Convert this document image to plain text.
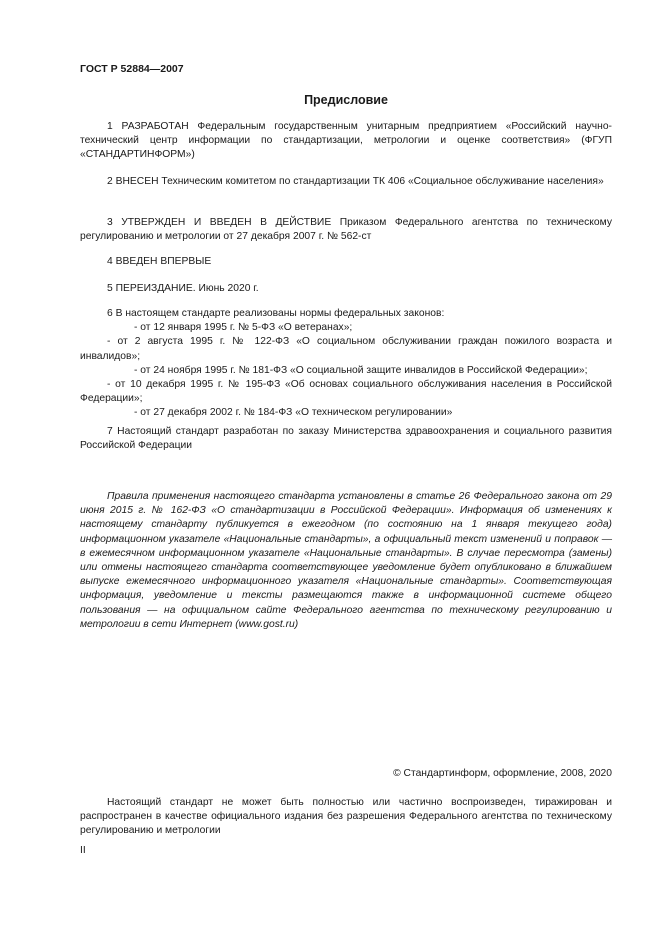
ГОСТ Р 52884—2007
Предисловие

1 РАЗРАБОТАН Федеральным государственным унитарным предприятием «Российский научно-технический центр информации по стандартизации, метрологии и оценке соответствия» (ФГУП «СТАНДАРТИНФОРМ»)

2 ВНЕСЕН Техническим комитетом по стандартизации ТК 406 «Социальное обслуживание населения»

3 УТВЕРЖДЕН И ВВЕДЕН В ДЕЙСТВИЕ Приказом Федерального агентства по техническому регулированию и метрологии от 27 декабря 2007 г. № 562-ст

4 ВВЕДЕН ВПЕРВЫЕ

5 ПЕРЕИЗДАНИЕ. Июнь 2020 г.

6 В настоящем стандарте реализованы нормы федеральных законов:

- от 12 января 1995 г. № 5-ФЗ «О ветеранах»;

- от 2 августа 1995 г. № 122-ФЗ «О социальном обслуживании граждан пожилого возраста и инвалидов»;

- от 24 ноября 1995 г. № 181-ФЗ «О социальной защите инвалидов в Российской Федерации»;

- от 10 декабря 1995 г. № 195-ФЗ «Об основах социального обслуживания населения в Российской Федерации»;

- от 27 декабря 2002 г. № 184-ФЗ «О техническом регулировании»

7 Настоящий стандарт разработан по заказу Министерства здравоохранения и социального развития Российской Федерации

Правила применения настоящего стандарта установлены в статье 26 Федерального закона от 29 июня 2015 г. № 162-ФЗ «О стандартизации в Российской Федерации». Информация об изменениях к настоящему стандарту публикуется в ежегодном (по состоянию на 1 января текущего года) информационном указателе «Национальные стандарты», а официальный текст изменений и поправок — в ежемесячном информационном указателе «Национальные стандарты». В случае пересмотра (замены) или отмены настоящего стандарта соответствующее уведомление будет опубликовано в ближайшем выпуске ежемесячного информационного указателя «Национальные стандарты». Соответствующая информация, уведомление и тексты размещаются также в информационной системе общего пользования — на официальном сайте Федерального агентства по техническому регулированию и метрологии в сети Интернет (www.gost.ru)

© Стандартинформ, оформление, 2008, 2020

Настоящий стандарт не может быть полностью или частично воспроизведен, тиражирован и распространен в качестве официального издания без разрешения Федерального агентства по техническому регулированию и метрологии

II
